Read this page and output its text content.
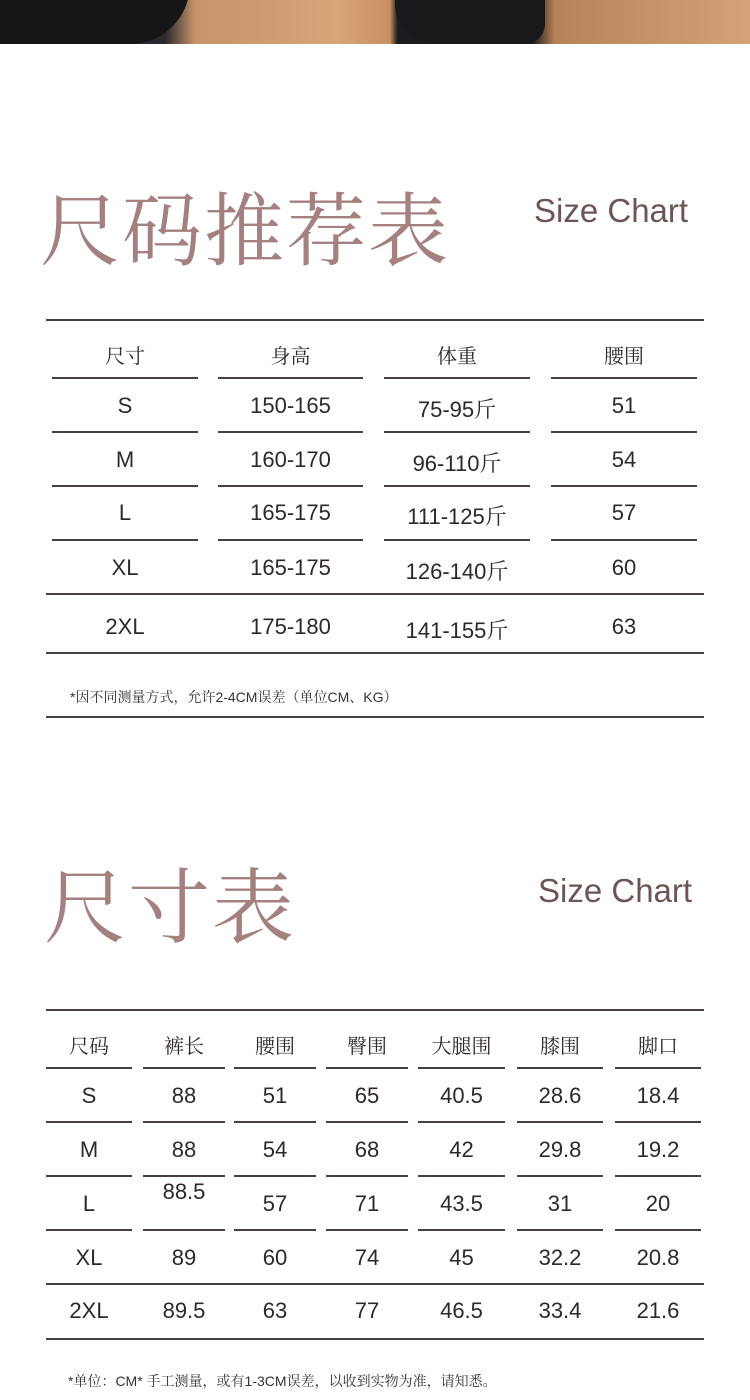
尺码推荐表	Size Chart
尺寸	身高	体重	腰围
S	150-165	75-95斤	51
M	160-170	96-110斤	54
L	165-175	111-125斤	57
XL	165-175	126-140斤	60
2XL	175-180	141-155斤	63
*因不同测量方式，允许2-4CM误差（单位CM、KG）
尺寸表	Size Chart
尺码	裤长	腰围	臀围	大腿围	膝围	脚口
S	88	51	65	40.5	28.6	18.4
M	88	54	68	42	29.8	19.2
L	88.5	57	71	43.5	31	20
XL	89	60	74	45	32.2	20.8
2XL	89.5	63	77	46.5	33.4	21.6
*单位：CM* 手工测量，或有1-3CM误差，以收到实物为准，请知悉。
